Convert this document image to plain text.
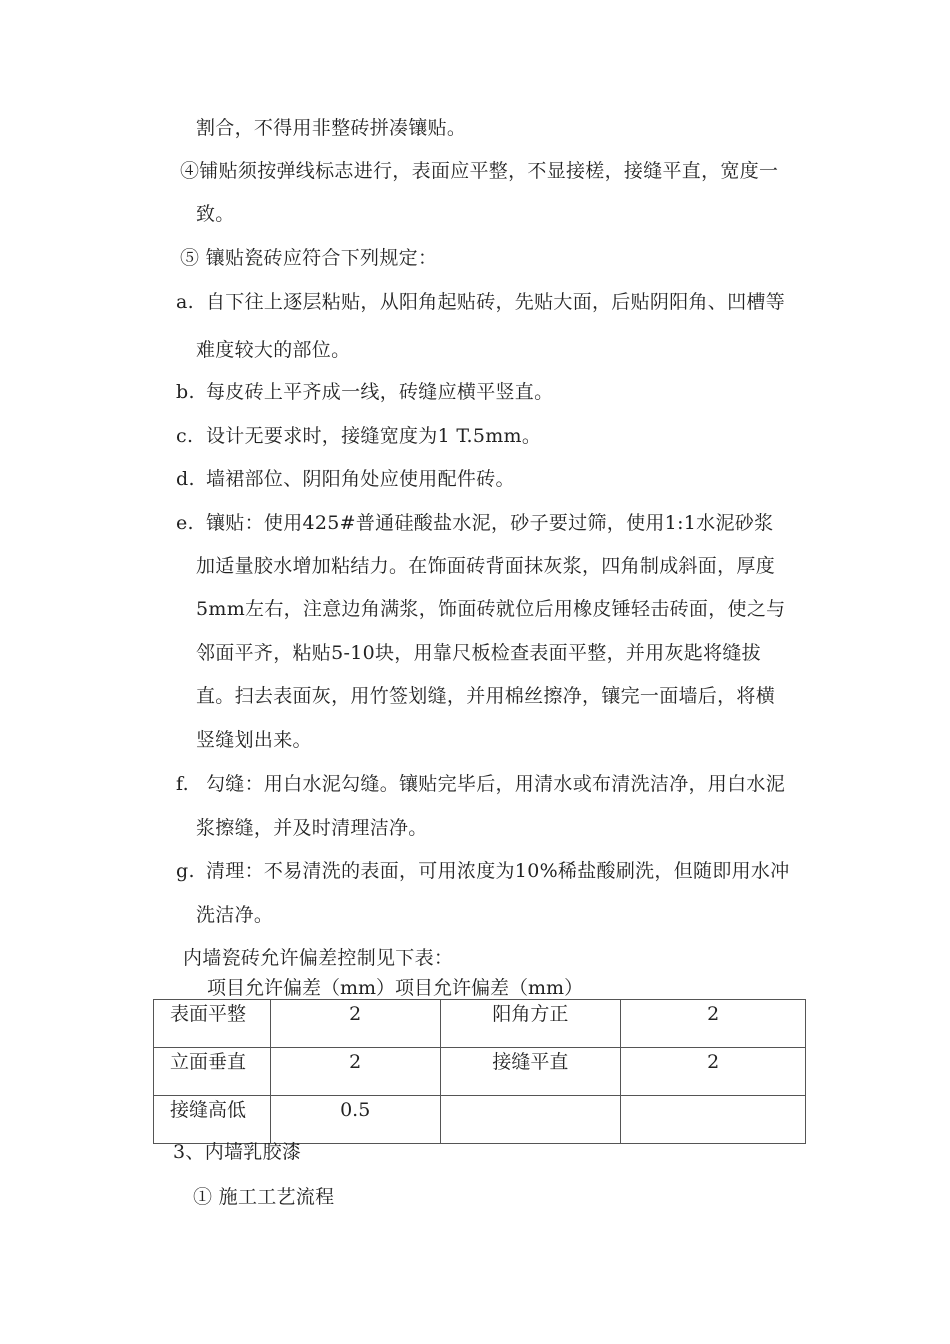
割合，不得用非整砖拼凑镶贴。
④铺贴须按弹线标志进行，表面应平整，不显接槎，接缝平直，宽度一
致。
⑤ 镶贴瓷砖应符合下列规定：
a. 自下往上逐层粘贴，从阳角起贴砖，先贴大面，后贴阴阳角、凹槽等
难度较大的部位。
b. 每皮砖上平齐成一线，砖缝应横平竖直。
c. 设计无要求时，接缝宽度为1 T.5mm。
d. 墙裙部位、阴阳角处应使用配件砖。
e. 镶贴：使用425#普通硅酸盐水泥，砂子要过筛，使用1:1水泥砂浆
加适量胶水增加粘结力。在饰面砖背面抹灰浆，四角制成斜面，厚度
5mm左右，注意边角满浆，饰面砖就位后用橡皮锤轻击砖面，使之与
邻面平齐，粘贴5-10块，用靠尺板检查表面平整，并用灰匙将缝拔
直。扫去表面灰，用竹签划缝，并用棉丝擦净，镶完一面墙后，将横
竖缝划出来。
f. 勾缝：用白水泥勾缝。镶贴完毕后，用清水或布清洗洁净，用白水泥
浆擦缝，并及时清理洁净。
g. 清理：不易清洗的表面，可用浓度为10%稀盐酸刷洗，但随即用水冲
洗洁净。
内墙瓷砖允许偏差控制见下表：
项目允许偏差（mm）项目允许偏差（mm）
表面平整	2	阳角方正	2
立面垂直	2	接缝平直	2
接缝高低	0.5		
3、内墙乳胶漆
① 施工工艺流程
